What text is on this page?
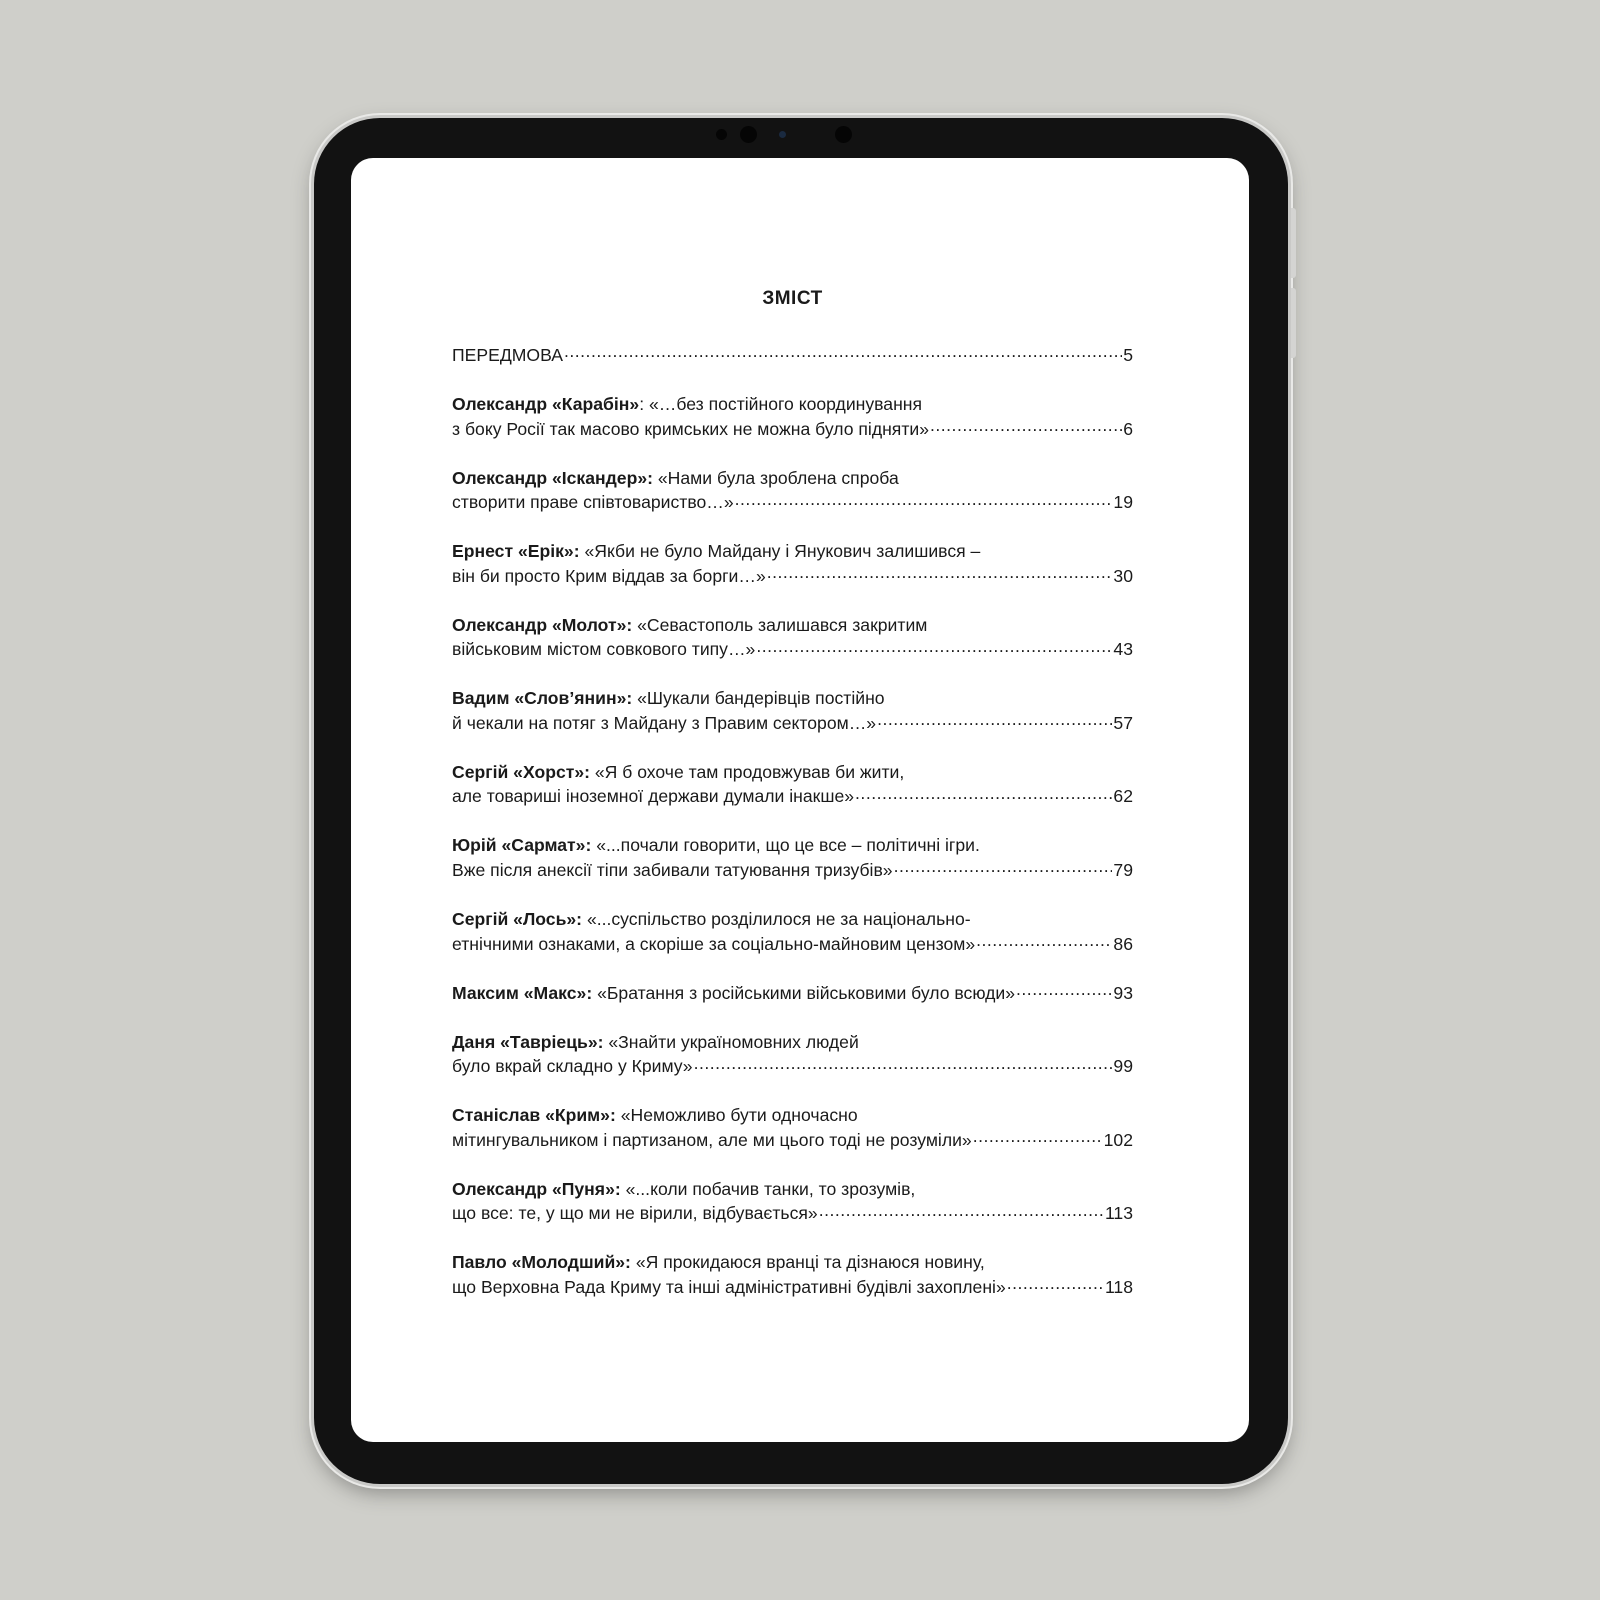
ЗМІСТ
ПЕРЕДМОВА .....	5
Олександр «Карабін»: «…без постійного координування
з боку Росії так масово кримських не можна було підняти» .....	6
Олександр «Іскандер»: «Нами була зроблена спроба
створити праве співтовариство…» .....	19
Ернест «Ерік»: «Якби не було Майдану і Янукович залишився –
він би просто Крим віддав за борги…» .....	30
Олександр «Молот»: «Севастополь залишався закритим
військовим містом совкового типу…» .....	43
Вадим «Слов’янин»: «Шукали бандерівців постійно
й чекали на потяг з Майдану з Правим сектором…» .....	57
Сергій «Хорст»: «Я б охоче там продовжував би жити,
але товариші іноземної держави думали інакше» .....	62
Юрій «Сармат»: «...почали говорити, що це все – політичні ігри.
Вже після анексії тіпи забивали татуювання тризубів» .....	79
Сергій «Лось»: «...суспільство розділилося не за національно-
етнічними ознаками, а скоріше за соціально-майновим цензом» .....	86
Максим «Макс»:
«Братання з російськими військовими було всюди» .....	93
Даня «Тавріець»: «Знайти україномовних людей
було вкрай складно у Криму» .....	99
Станіслав «Крим»: «Неможливо бути одночасно
мітингувальником і партизаном, але ми цього тоді не розуміли» .....	102
Олександр «Пуня»: «...коли побачив танки, то зрозумів,
що все: те, у що ми не вірили, відбувається» .....	113
Павло «Молодший»: «Я прокидаюся вранці та дізнаюся новину,
що Верховна Рада Криму та інші адміністративні будівлі захоплені» .....	118
